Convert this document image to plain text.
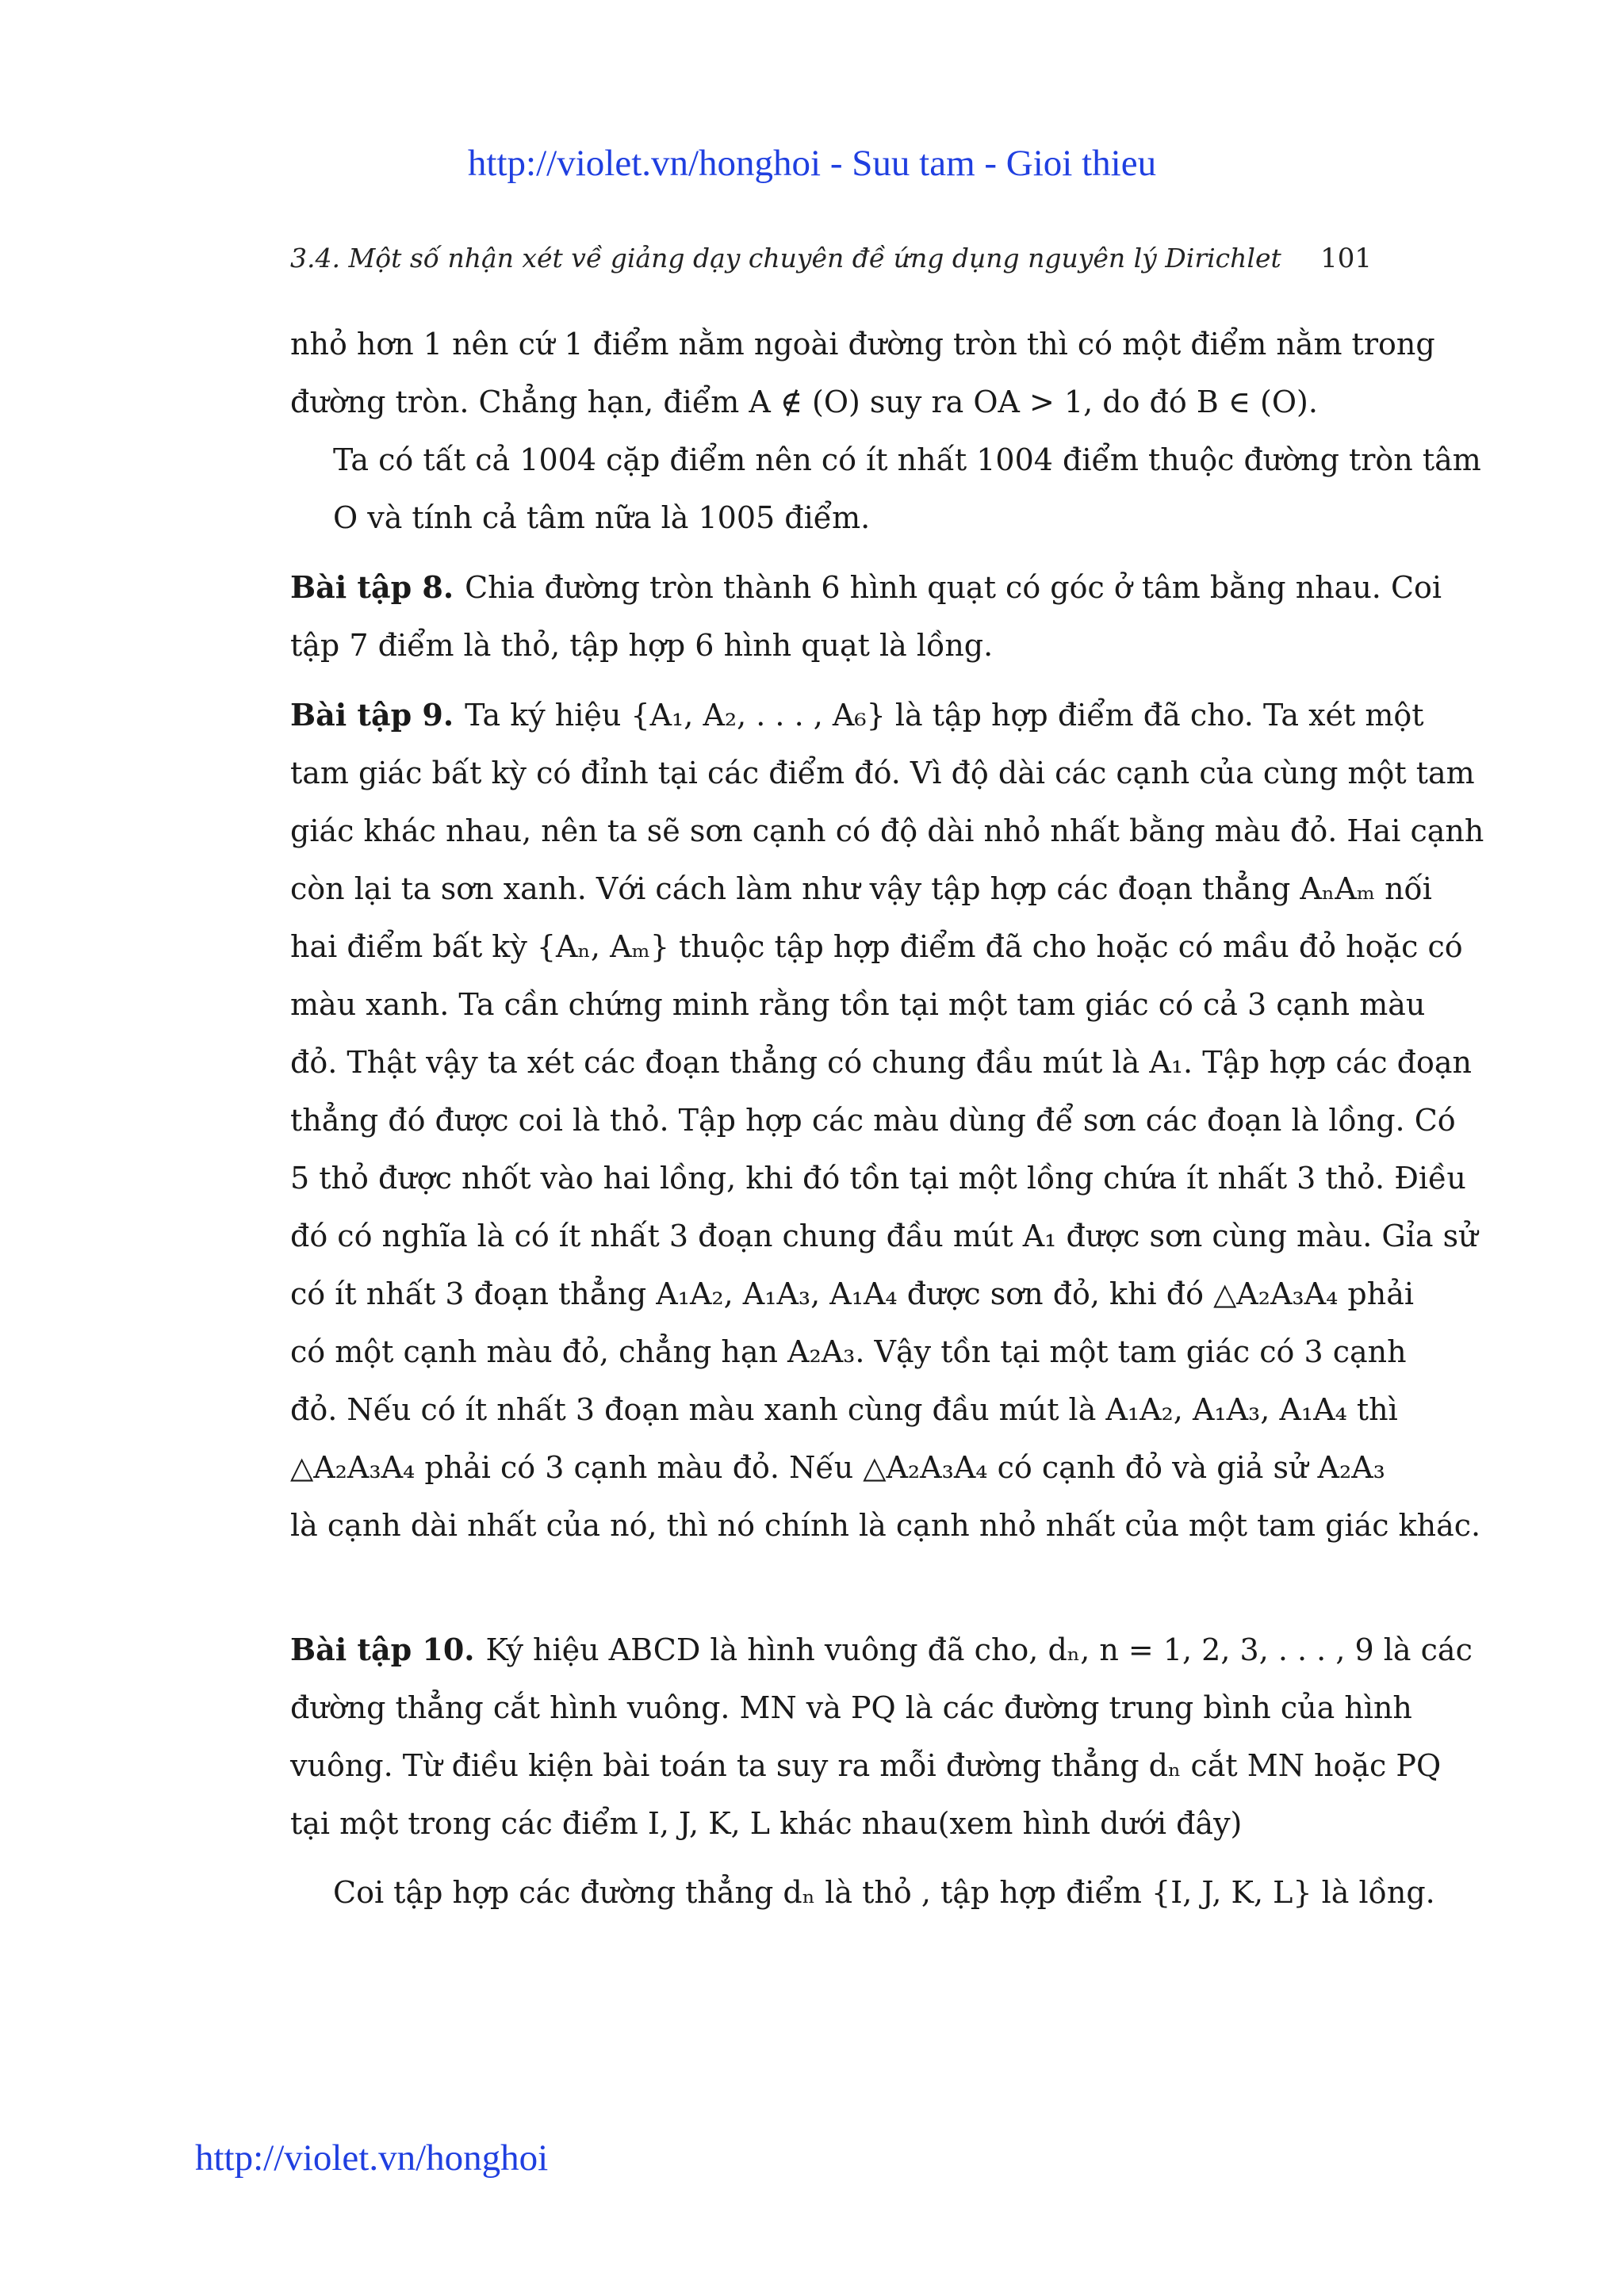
http://violet.vn/honghoi - Suu tam - Gioi thieu
3.4. Một số nhận xét về giảng dạy chuyên đề ứng dụng nguyên lý Dirichlet 101

nhỏ hơn 1 nên cứ 1 điểm nằm ngoài đường tròn thì có một điểm nằm trong
đường tròn. Chẳng hạn, điểm A ∉ (O) suy ra OA > 1, do đó B ∈ (O).

Ta có tất cả 1004 cặp điểm nên có ít nhất 1004 điểm thuộc đường tròn tâm
O và tính cả tâm nữa là 1005 điểm.

Bài tập 8. Chia đường tròn thành 6 hình quạt có góc ở tâm bằng nhau. Coi
tập 7 điểm là thỏ, tập hợp 6 hình quạt là lồng.

Bài tập 9. Ta ký hiệu {A₁, A₂, . . . , A₆} là tập hợp điểm đã cho. Ta xét một
tam giác bất kỳ có đỉnh tại các điểm đó. Vì độ dài các cạnh của cùng một tam
giác khác nhau, nên ta sẽ sơn cạnh có độ dài nhỏ nhất bằng màu đỏ. Hai cạnh
còn lại ta sơn xanh. Với cách làm như vậy tập hợp các đoạn thẳng AₙAₘ nối
hai điểm bất kỳ {Aₙ, Aₘ} thuộc tập hợp điểm đã cho hoặc có mầu đỏ hoặc có
màu xanh. Ta cần chứng minh rằng tồn tại một tam giác có cả 3 cạnh màu
đỏ. Thật vậy ta xét các đoạn thẳng có chung đầu mút là A₁. Tập hợp các đoạn
thẳng đó được coi là thỏ. Tập hợp các màu dùng để sơn các đoạn là lồng. Có
5 thỏ được nhốt vào hai lồng, khi đó tồn tại một lồng chứa ít nhất 3 thỏ. Điều
đó có nghĩa là có ít nhất 3 đoạn chung đầu mút A₁ được sơn cùng màu. Gỉa sử
có ít nhất 3 đoạn thẳng A₁A₂, A₁A₃, A₁A₄ được sơn đỏ, khi đó △A₂A₃A₄ phải
có một cạnh màu đỏ, chẳng hạn A₂A₃. Vậy tồn tại một tam giác có 3 cạnh
đỏ. Nếu có ít nhất 3 đoạn màu xanh cùng đầu mút là A₁A₂, A₁A₃, A₁A₄ thì
△A₂A₃A₄ phải có 3 cạnh màu đỏ. Nếu △A₂A₃A₄ có cạnh đỏ và giả sử A₂A₃
là cạnh dài nhất của nó, thì nó chính là cạnh nhỏ nhất của một tam giác khác.

Bài tập 10. Ký hiệu ABCD là hình vuông đã cho, dₙ, n = 1, 2, 3, . . . , 9 là các
đường thẳng cắt hình vuông. MN và PQ là các đường trung bình của hình
vuông. Từ điều kiện bài toán ta suy ra mỗi đường thẳng dₙ cắt MN hoặc PQ
tại một trong các điểm I, J, K, L khác nhau(xem hình dưới đây)

Coi tập hợp các đường thẳng dₙ là thỏ , tập hợp điểm {I, J, K, L} là lồng.

http://violet.vn/honghoi
